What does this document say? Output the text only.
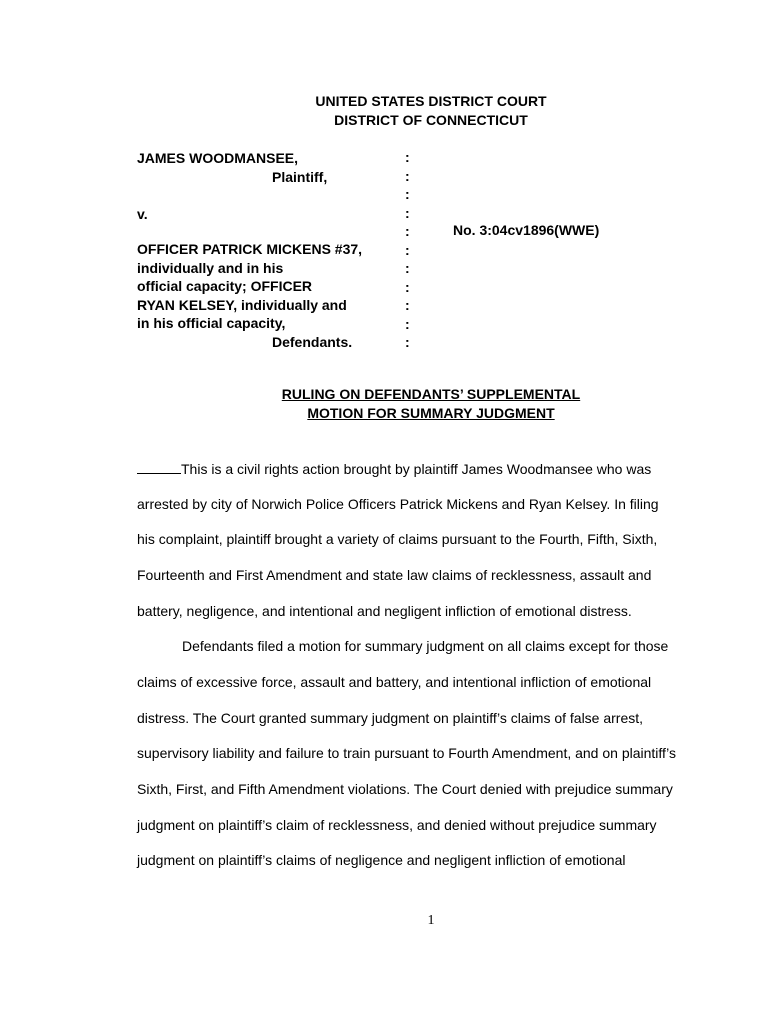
UNITED STATES DISTRICT COURT
DISTRICT OF CONNECTICUT
JAMES WOODMANSEE,
Plaintiff,
v.
OFFICER PATRICK MICKENS #37,
individually and in his
official capacity; OFFICER
RYAN KELSEY, individually and
in his official capacity,
Defendants.
:
:
:
:
:
:
:
:
:
:
:
No. 3:04cv1896(WWE)
RULING ON DEFENDANTS’ SUPPLEMENTAL
MOTION FOR SUMMARY JUDGMENT
This is a civil rights action brought by plaintiff James Woodmansee who was
arrested by city of Norwich Police Officers Patrick Mickens and Ryan Kelsey. In filing
his complaint, plaintiff brought a variety of claims pursuant to the Fourth, Fifth, Sixth,
Fourteenth and First Amendment and state law claims of recklessness, assault and
battery, negligence, and intentional and negligent infliction of emotional distress.
Defendants filed a motion for summary judgment on all claims except for those
claims of excessive force, assault and battery, and intentional infliction of emotional
distress. The Court granted summary judgment on plaintiff’s claims of false arrest,
supervisory liability and failure to train pursuant to Fourth Amendment, and on plaintiff’s
Sixth, First, and Fifth Amendment violations. The Court denied with prejudice summary
judgment on plaintiff’s claim of recklessness, and denied without prejudice summary
judgment on plaintiff’s claims of negligence and negligent infliction of emotional
1
